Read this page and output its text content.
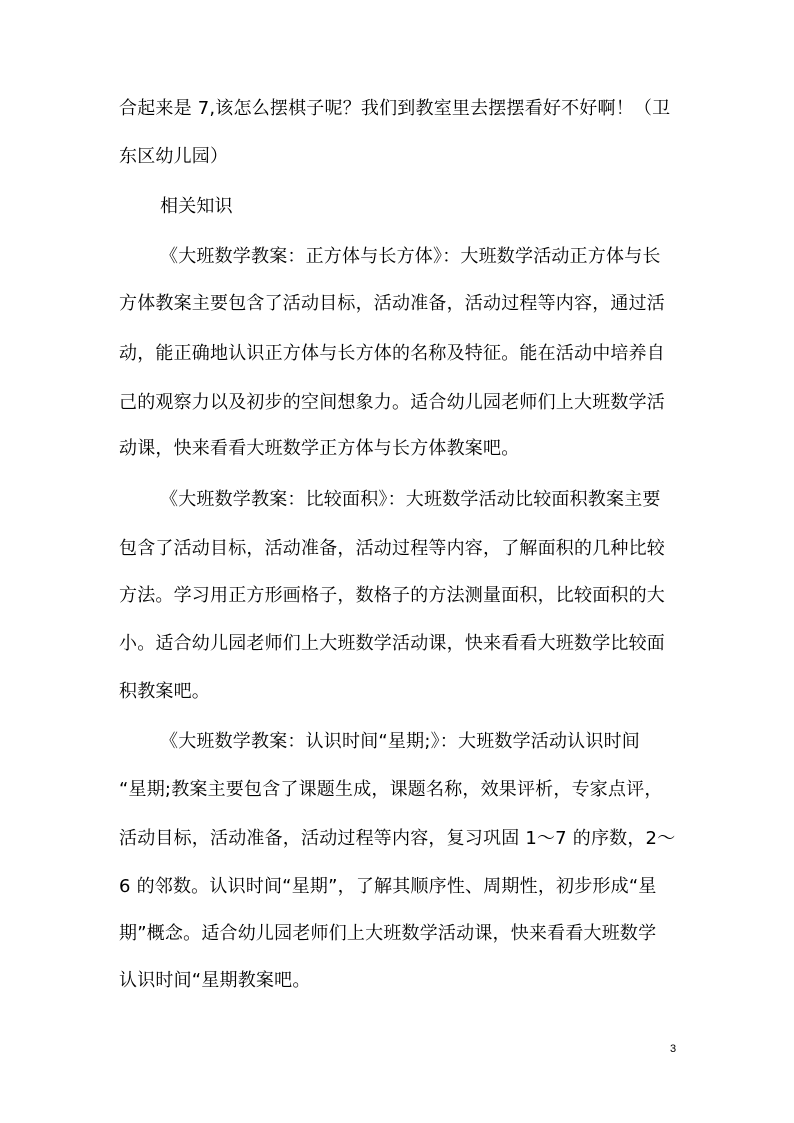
合起来是 7,该怎么摆棋子呢？我们到教室里去摆摆看好不好啊！（卫
东区幼儿园）
相关知识
《大班数学教案：正方体与长方体》：大班数学活动正方体与长
方体教案主要包含了活动目标，活动准备，活动过程等内容，通过活
动，能正确地认识正方体与长方体的名称及特征。能在活动中培养自
己的观察力以及初步的空间想象力。适合幼儿园老师们上大班数学活
动课，快来看看大班数学正方体与长方体教案吧。
《大班数学教案：比较面积》：大班数学活动比较面积教案主要
包含了活动目标，活动准备，活动过程等内容，了解面积的几种比较
方法。学习用正方形画格子，数格子的方法测量面积，比较面积的大
小。适合幼儿园老师们上大班数学活动课，快来看看大班数学比较面
积教案吧。
《大班数学教案：认识时间“星期;》：大班数学活动认识时间
“星期;教案主要包含了课题生成，课题名称，效果评析，专家点评，
活动目标，活动准备，活动过程等内容，复习巩固 1～7 的序数，2～
6 的邻数。认识时间“星期”，了解其顺序性、周期性，初步形成“星
期”概念。适合幼儿园老师们上大班数学活动课，快来看看大班数学
认识时间“星期教案吧。
3
